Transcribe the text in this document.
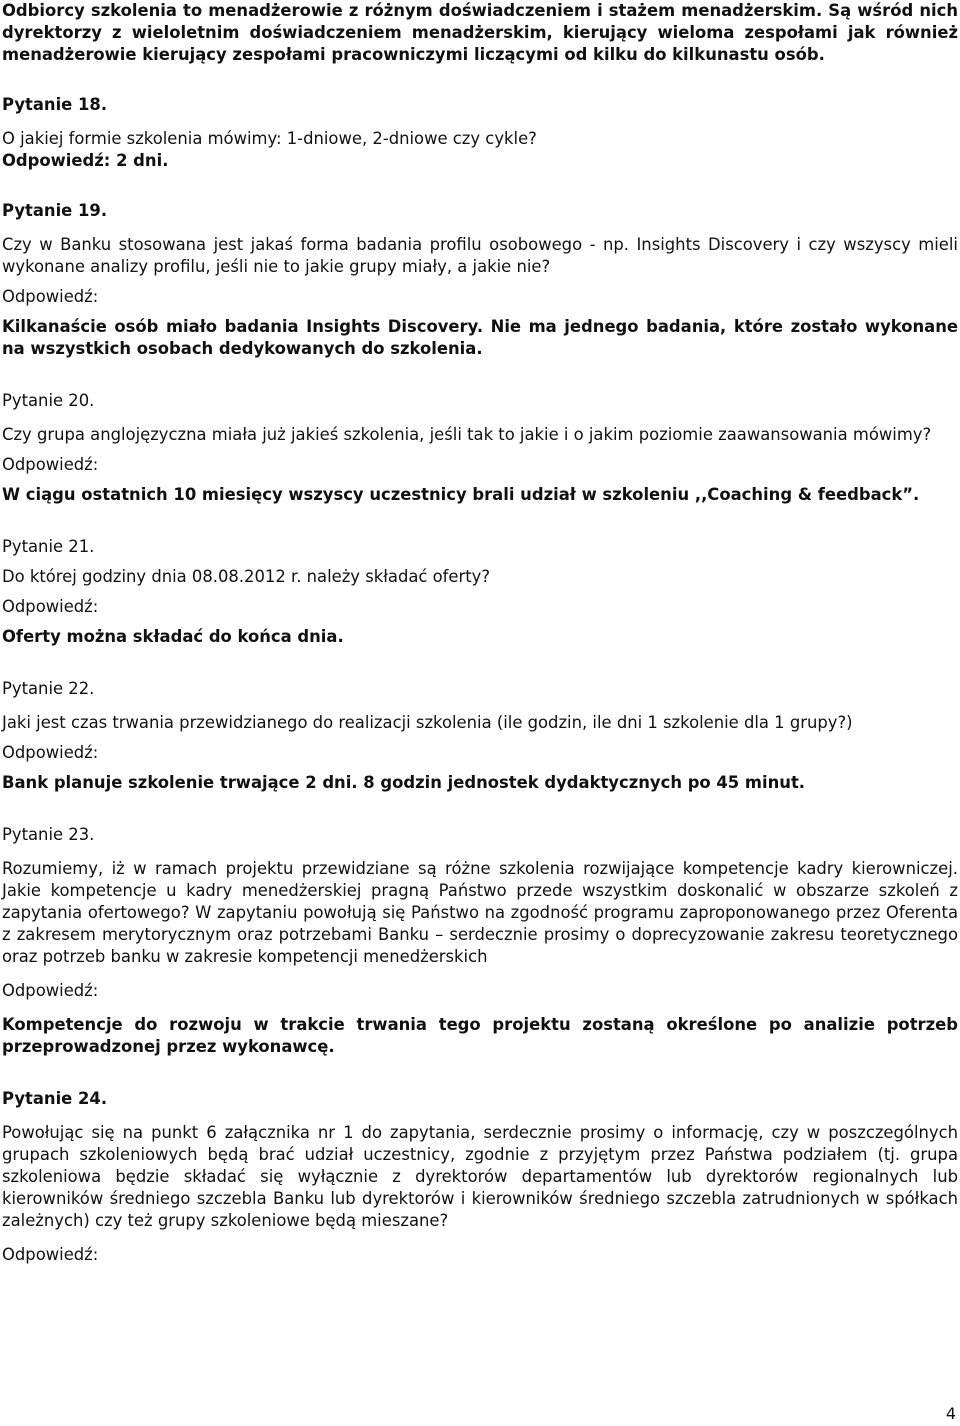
Odbiorcy szkolenia to menadżerowie z różnym doświadczeniem i stażem menadżerskim. Są wśród nich dyrektorzy z wieloletnim doświadczeniem menadżerskim, kierujący wieloma zespołami jak również menadżerowie kierujący zespołami pracowniczymi liczącymi od kilku do kilkunastu osób.

Pytanie 18.

O jakiej formie szkolenia mówimy: 1-dniowe, 2-dniowe czy cykle?

Odpowiedź: 2 dni.

Pytanie 19.

Czy w Banku stosowana jest jakaś forma badania profilu osobowego - np. Insights Discovery i czy wszyscy mieli wykonane analizy profilu, jeśli nie to jakie grupy miały, a jakie nie?

Odpowiedź:

Kilkanaście osób miało badania Insights Discovery. Nie ma jednego badania, które zostało wykonane na wszystkich osobach dedykowanych do szkolenia.

Pytanie 20.

Czy grupa anglojęzyczna miała już jakieś szkolenia, jeśli tak to jakie i o jakim poziomie zaawansowania mówimy?

Odpowiedź:

W ciągu ostatnich 10 miesięcy wszyscy uczestnicy brali udział w szkoleniu ,,Coaching & feedback”.

Pytanie 21.

Do której godziny dnia 08.08.2012 r. należy składać oferty?

Odpowiedź:

Oferty można składać do końca dnia.

Pytanie 22.

Jaki jest czas trwania przewidzianego do realizacji szkolenia (ile godzin, ile dni 1 szkolenie dla 1 grupy?)

Odpowiedź:

Bank planuje szkolenie trwające 2 dni. 8 godzin jednostek dydaktycznych po 45 minut.

Pytanie 23.

Rozumiemy, iż w ramach projektu przewidziane są różne szkolenia rozwijające kompetencje kadry kierowniczej. Jakie kompetencje u kadry menedżerskiej pragną Państwo przede wszystkim doskonalić w obszarze szkoleń z zapytania ofertowego? W zapytaniu powołują się Państwo na zgodność programu zaproponowanego przez Oferenta z zakresem merytorycznym oraz potrzebami Banku – serdecznie prosimy o doprecyzowanie zakresu teoretycznego oraz potrzeb banku w zakresie kompetencji menedżerskich

Odpowiedź:

Kompetencje do rozwoju w trakcie trwania tego projektu zostaną określone po analizie potrzeb przeprowadzonej przez wykonawcę.

Pytanie 24.

Powołując się na punkt 6 załącznika nr 1 do zapytania, serdecznie prosimy o informację, czy w poszczególnych grupach szkoleniowych będą brać udział uczestnicy, zgodnie z przyjętym przez Państwa podziałem (tj. grupa szkoleniowa będzie składać się wyłącznie z dyrektorów departamentów lub dyrektorów regionalnych lub kierowników średniego szczebla Banku lub dyrektorów i kierowników średniego szczebla zatrudnionych w spółkach zależnych) czy też grupy szkoleniowe będą mieszane?

Odpowiedź:

4
